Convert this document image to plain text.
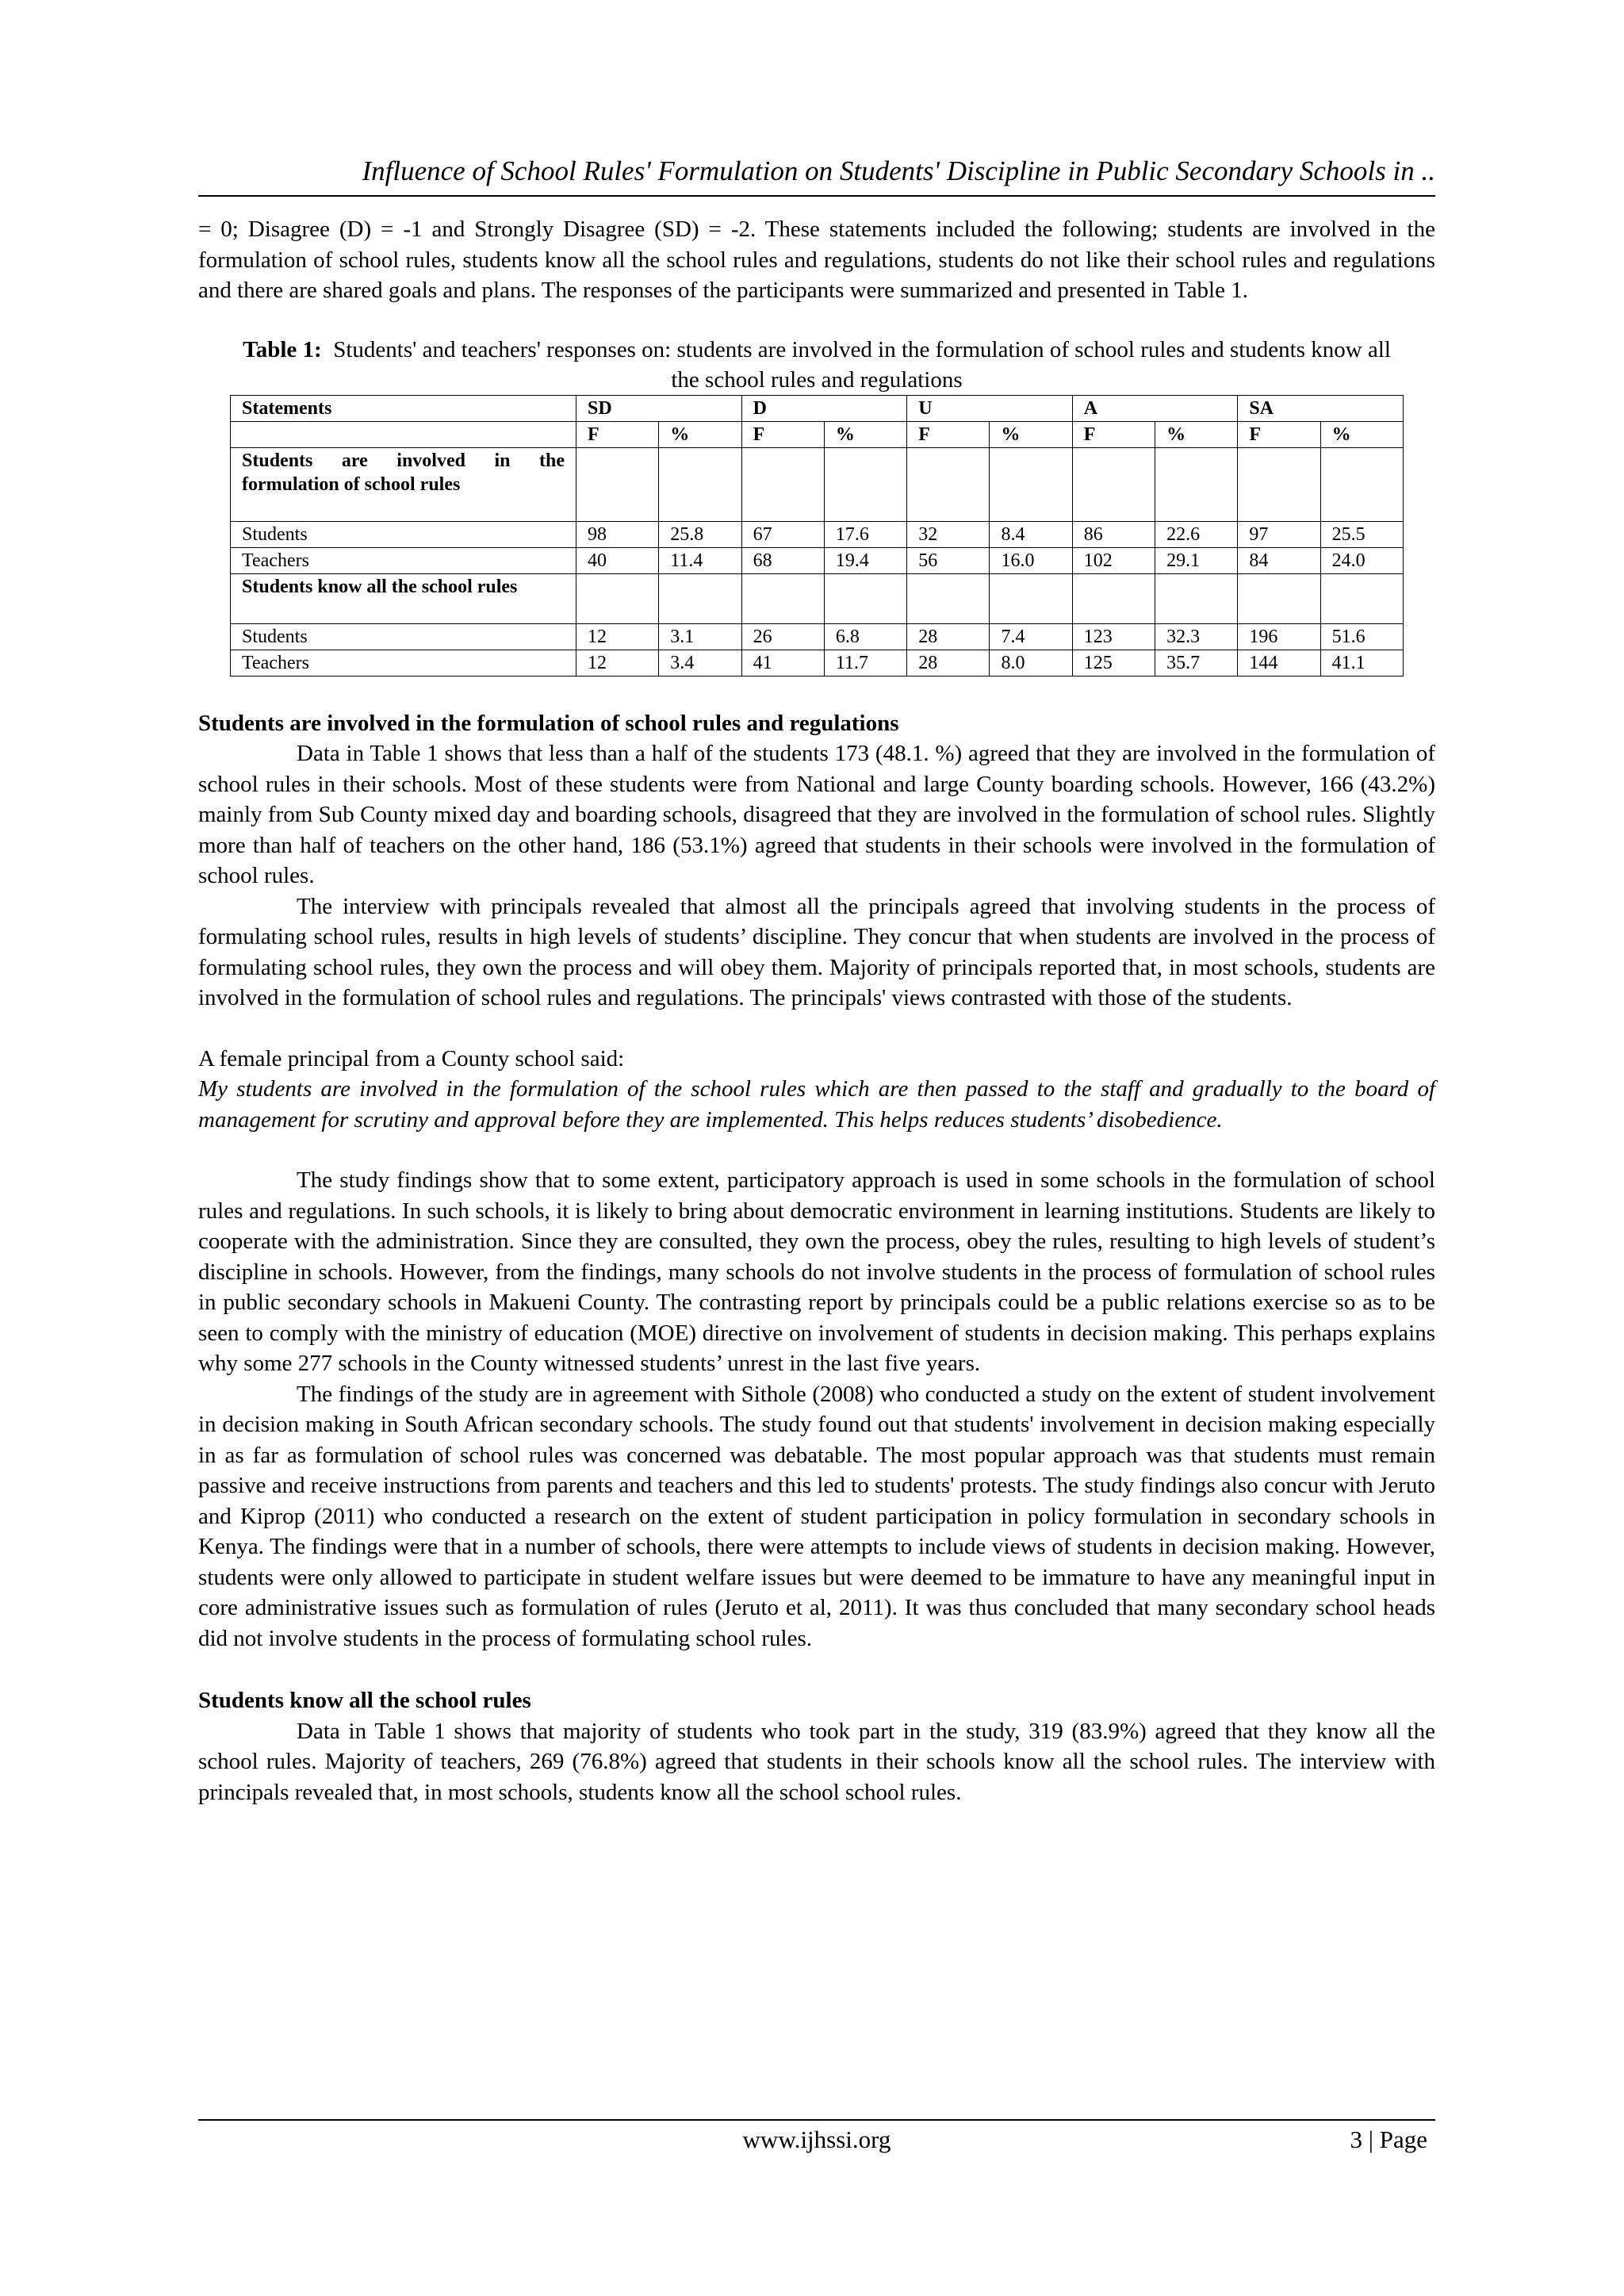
Influence of School Rules' Formulation on Students' Discipline in Public Secondary Schools in ..

= 0; Disagree (D) = -1 and Strongly Disagree (SD) = -2. These statements included the following; students are involved in the formulation of school rules, students know all the school rules and regulations, students do not like their school rules and regulations and there are shared goals and plans. The responses of the participants were summarized and presented in Table 1.

Table 1: Students' and teachers' responses on: students are involved in the formulation of school rules and students know all the school rules and regulations
Statements	SD		D		U		A		SA	
	F	%	F	%	F	%	F	%	F	%
Students are involved in the formulation of school rules										
Students	98	25.8	67	17.6	32	8.4	86	22.6	97	25.5
Teachers	40	11.4	68	19.4	56	16.0	102	29.1	84	24.0
Students know all the school rules										
Students	12	3.1	26	6.8	28	7.4	123	32.3	196	51.6
Teachers	12	3.4	41	11.7	28	8.0	125	35.7	144	41.1

Students are involved in the formulation of school rules and regulations

Data in Table 1 shows that less than a half of the students 173 (48.1. %) agreed that they are involved in the formulation of school rules in their schools. Most of these students were from National and large County boarding schools. However, 166 (43.2%) mainly from Sub County mixed day and boarding schools, disagreed that they are involved in the formulation of school rules. Slightly more than half of teachers on the other hand, 186 (53.1%) agreed that students in their schools were involved in the formulation of school rules.

The interview with principals revealed that almost all the principals agreed that involving students in the process of formulating school rules, results in high levels of students’ discipline. They concur that when students are involved in the process of formulating school rules, they own the process and will obey them. Majority of principals reported that, in most schools, students are involved in the formulation of school rules and regulations. The principals' views contrasted with those of the students.

A female principal from a County school said:

My students are involved in the formulation of the school rules which are then passed to the staff and gradually to the board of management for scrutiny and approval before they are implemented. This helps reduces students’ disobedience.

The study findings show that to some extent, participatory approach is used in some schools in the formulation of school rules and regulations. In such schools, it is likely to bring about democratic environment in learning institutions. Students are likely to cooperate with the administration. Since they are consulted, they own the process, obey the rules, resulting to high levels of student’s discipline in schools. However, from the findings, many schools do not involve students in the process of formulation of school rules in public secondary schools in Makueni County. The contrasting report by principals could be a public relations exercise so as to be seen to comply with the ministry of education (MOE) directive on involvement of students in decision making. This perhaps explains why some 277 schools in the County witnessed students’ unrest in the last five years.

The findings of the study are in agreement with Sithole (2008) who conducted a study on the extent of student involvement in decision making in South African secondary schools. The study found out that students' involvement in decision making especially in as far as formulation of school rules was concerned was debatable. The most popular approach was that students must remain passive and receive instructions from parents and teachers and this led to students' protests. The study findings also concur with Jeruto and Kiprop (2011) who conducted a research on the extent of student participation in policy formulation in secondary schools in Kenya. The findings were that in a number of schools, there were attempts to include views of students in decision making. However, students were only allowed to participate in student welfare issues but were deemed to be immature to have any meaningful input in core administrative issues such as formulation of rules (Jeruto et al, 2011). It was thus concluded that many secondary school heads did not involve students in the process of formulating school rules.

Students know all the school rules

Data in Table 1 shows that majority of students who took part in the study, 319 (83.9%) agreed that they know all the school rules. Majority of teachers, 269 (76.8%) agreed that students in their schools know all the school rules. The interview with principals revealed that, in most schools, students know all the school school rules.

www.ijhssi.org	3 | Page
